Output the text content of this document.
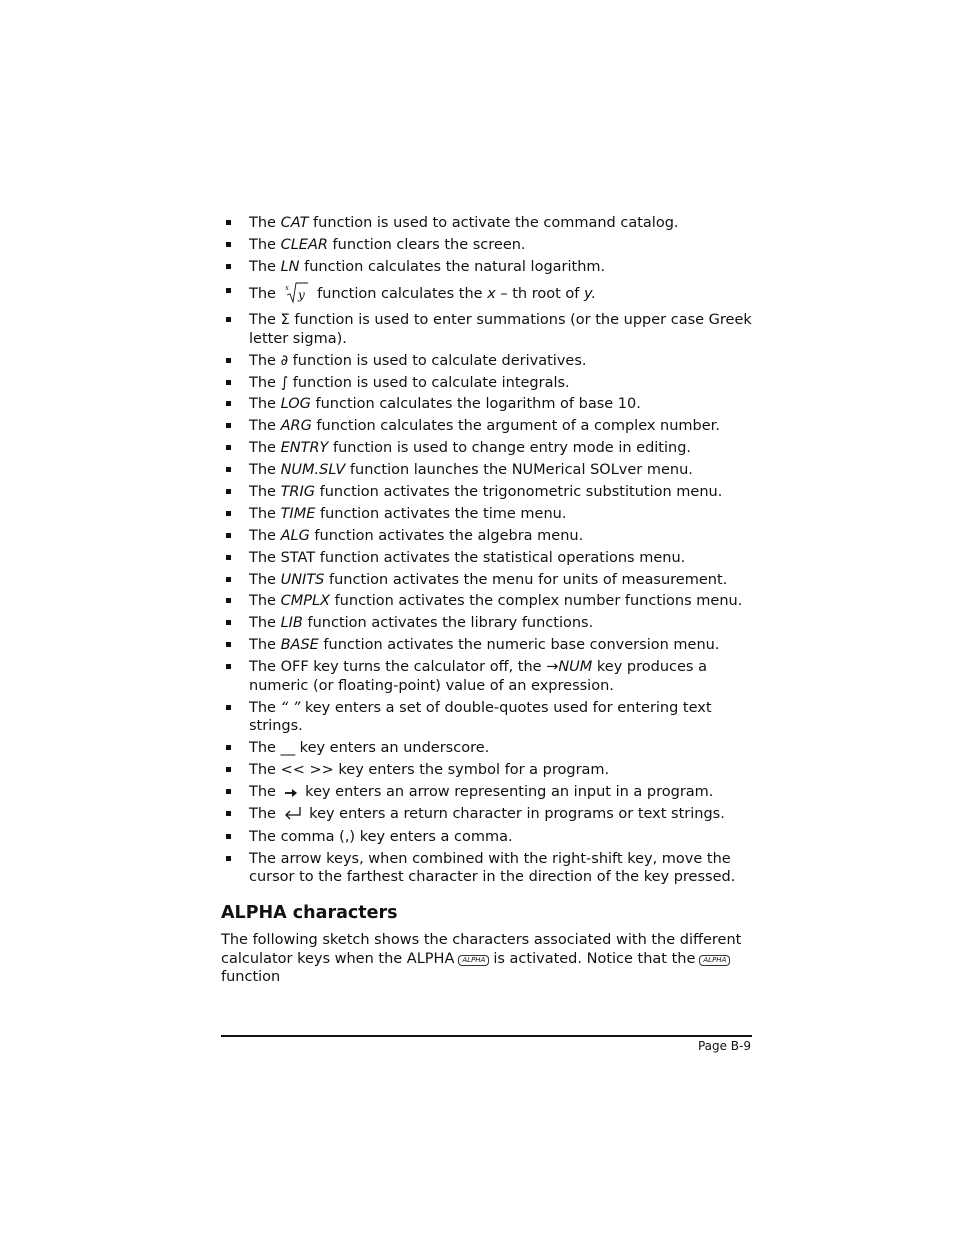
The CAT function is used to activate the command catalog.
The CLEAR function clears the screen.
The LN function calculates the natural logarithm.
The x y function calculates the x – th root of y.
The Σ function is used to enter summations (or the upper case Greek letter sigma).
The ∂ function is used to calculate derivatives.
The ∫ function is used to calculate integrals.
The LOG function calculates the logarithm of base 10.
The ARG function calculates the argument of a complex number.
The ENTRY function is used to change entry mode in editing.
The NUM.SLV function launches the NUMerical SOLver menu.
The TRIG function activates the trigonometric substitution menu.
The TIME function activates the time menu.
The ALG function activates the algebra menu.
The STAT function activates the statistical operations menu.
The UNITS function activates the menu for units of measurement.
The CMPLX function activates the complex number functions menu.
The LIB function activates the library functions.
The BASE function activates the numeric base conversion menu.
The OFF key turns the calculator off, the →NUM key produces a numeric (or floating-point) value of an expression.
The “ ” key enters a set of double-quotes used for entering text strings.
The __ key enters an underscore.
The << >> key enters the symbol for a program.
The  key enters an arrow representing an input in a program.
The  key enters a return character in programs or text strings.
The comma (,) key enters a comma.
The arrow keys, when combined with the right-shift key, move the cursor to the farthest character in the direction of the key pressed.
ALPHA characters

The following sketch shows the characters associated with the different calculator keys when the ALPHA ALPHA is activated. Notice that the ALPHAfunction

Page B-9
